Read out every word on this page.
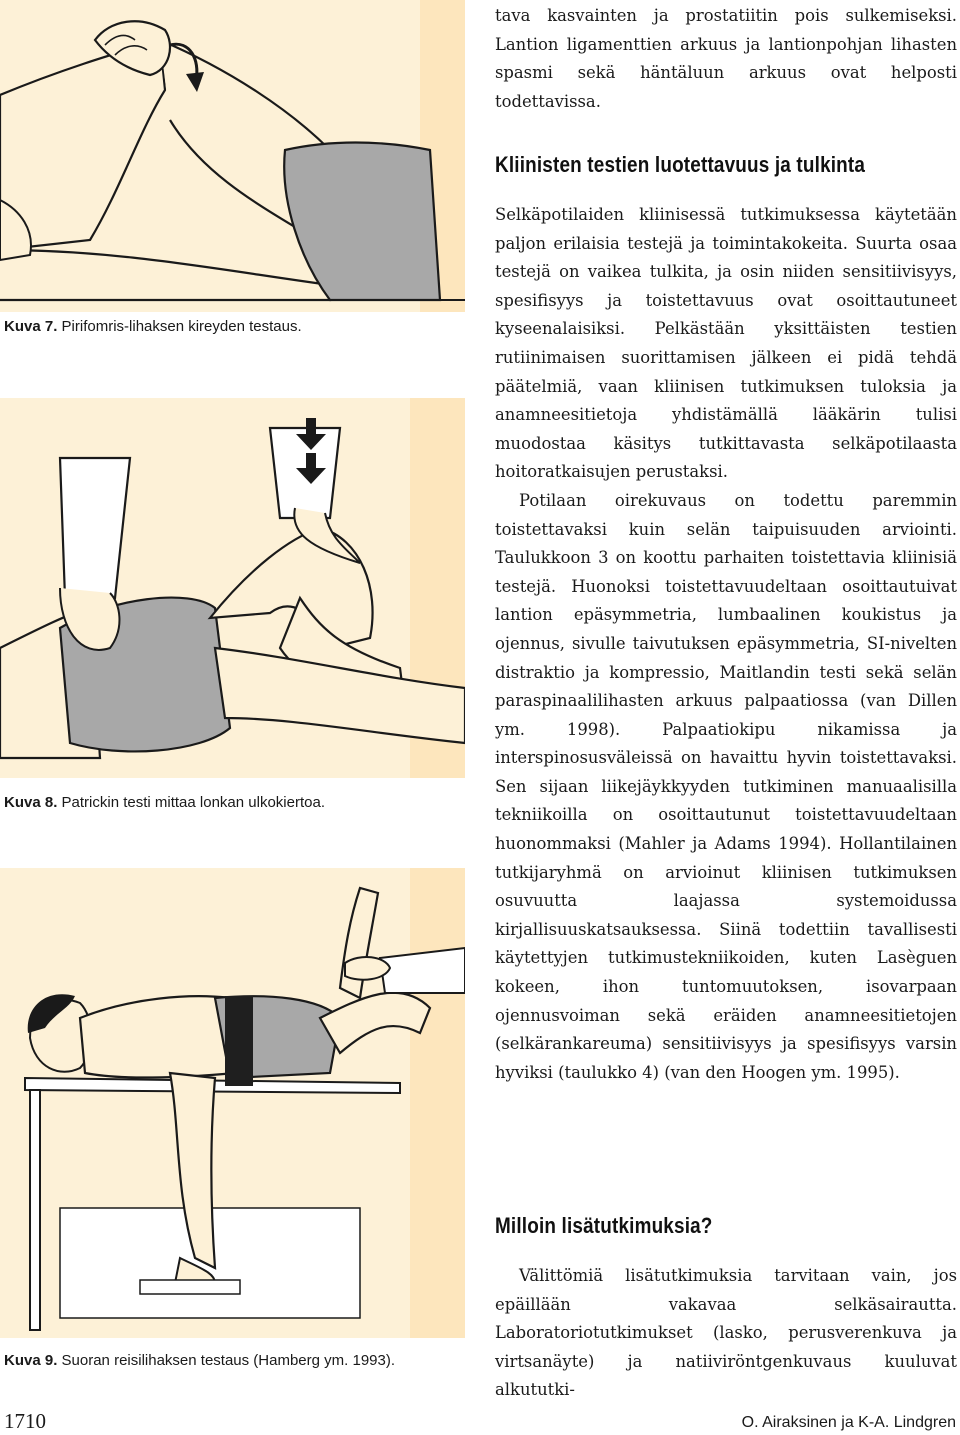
Kuva 7. Pirifomris-lihaksen kireyden testaus.
Kuva 8. Patrickin testi mittaa lonkan ulkokiertoa.
Kuva 9. Suoran reisilihaksen testaus (Hamberg ym. 1993).

tava kasvainten ja prostatiitin pois sulkemiseksi. Lantion ligamenttien arkuus ja lantionpohjan lihasten spasmi sekä häntäluun arkuus ovat helposti todettavissa.

Kliinisten testien luotettavuus ja tulkinta

Selkäpotilaiden kliinisessä tutkimuksessa käytetään paljon erilaisia testejä ja toimintakokeita. Suurta osaa testejä on vaikea tulkita, ja osin niiden sensitiivisyys, spesifisyys ja toistettavuus ovat osoittautuneet kyseenalaisiksi. Pelkästään yksittäisten testien rutiinimaisen suorittamisen jälkeen ei pidä tehdä päätelmiä, vaan kliinisen tutkimuksen tuloksia ja anamneesitietoja yhdistämällä lääkärin tulisi muodostaa käsitys tutkittavasta selkäpotilaasta hoitoratkaisujen perustaksi.

Potilaan oirekuvaus on todettu paremmin toistettavaksi kuin selän taipuisuuden arviointi. Taulukkoon 3 on koottu parhaiten toistettavia kliinisiä testejä. Huonoksi toistettavuudeltaan osoittautuivat lantion epäsymmetria, lumbaalinen koukistus ja ojennus, sivulle taivutuksen epäsymmetria, SI-nivelten distraktio ja kompressio, Maitlandin testi sekä selän paraspinaalilihasten arkuus palpaatiossa (van Dillen ym. 1998). Palpaatiokipu nikamissa ja interspinosusväleissä on havaittu hyvin toistettavaksi. Sen sijaan liikejäykkyyden tutkiminen manuaalisilla tekniikoilla on osoittautunut toistettavuudeltaan huonommaksi (Mahler ja Adams 1994). Hollantilainen tutkijaryhmä on arvioinut kliinisen tutkimuksen osuvuutta laajassa systemoidussa kirjallisuuskatsauksessa. Siinä todettiin tavallisesti käytettyjen tutkimustekniikoiden, kuten Lasèguen kokeen, ihon tuntomuutoksen, isovarpaan ojennusvoiman sekä eräiden anamneesitietojen (selkärankareuma) sensitiivisyys ja spesifisyys varsin hyviksi (taulukko 4) (van den Hoogen ym. 1995).

Milloin lisätutkimuksia?

Välittömiä lisätutkimuksia tarvitaan vain, jos epäillään vakavaa selkäsairautta. Laboratoriotutkimukset (lasko, perusverenkuva ja virtsanäyte) ja natiiviröntgenkuvaus kuuluvat alkututki-

1710	O. Airaksinen ja K-A. Lindgren
